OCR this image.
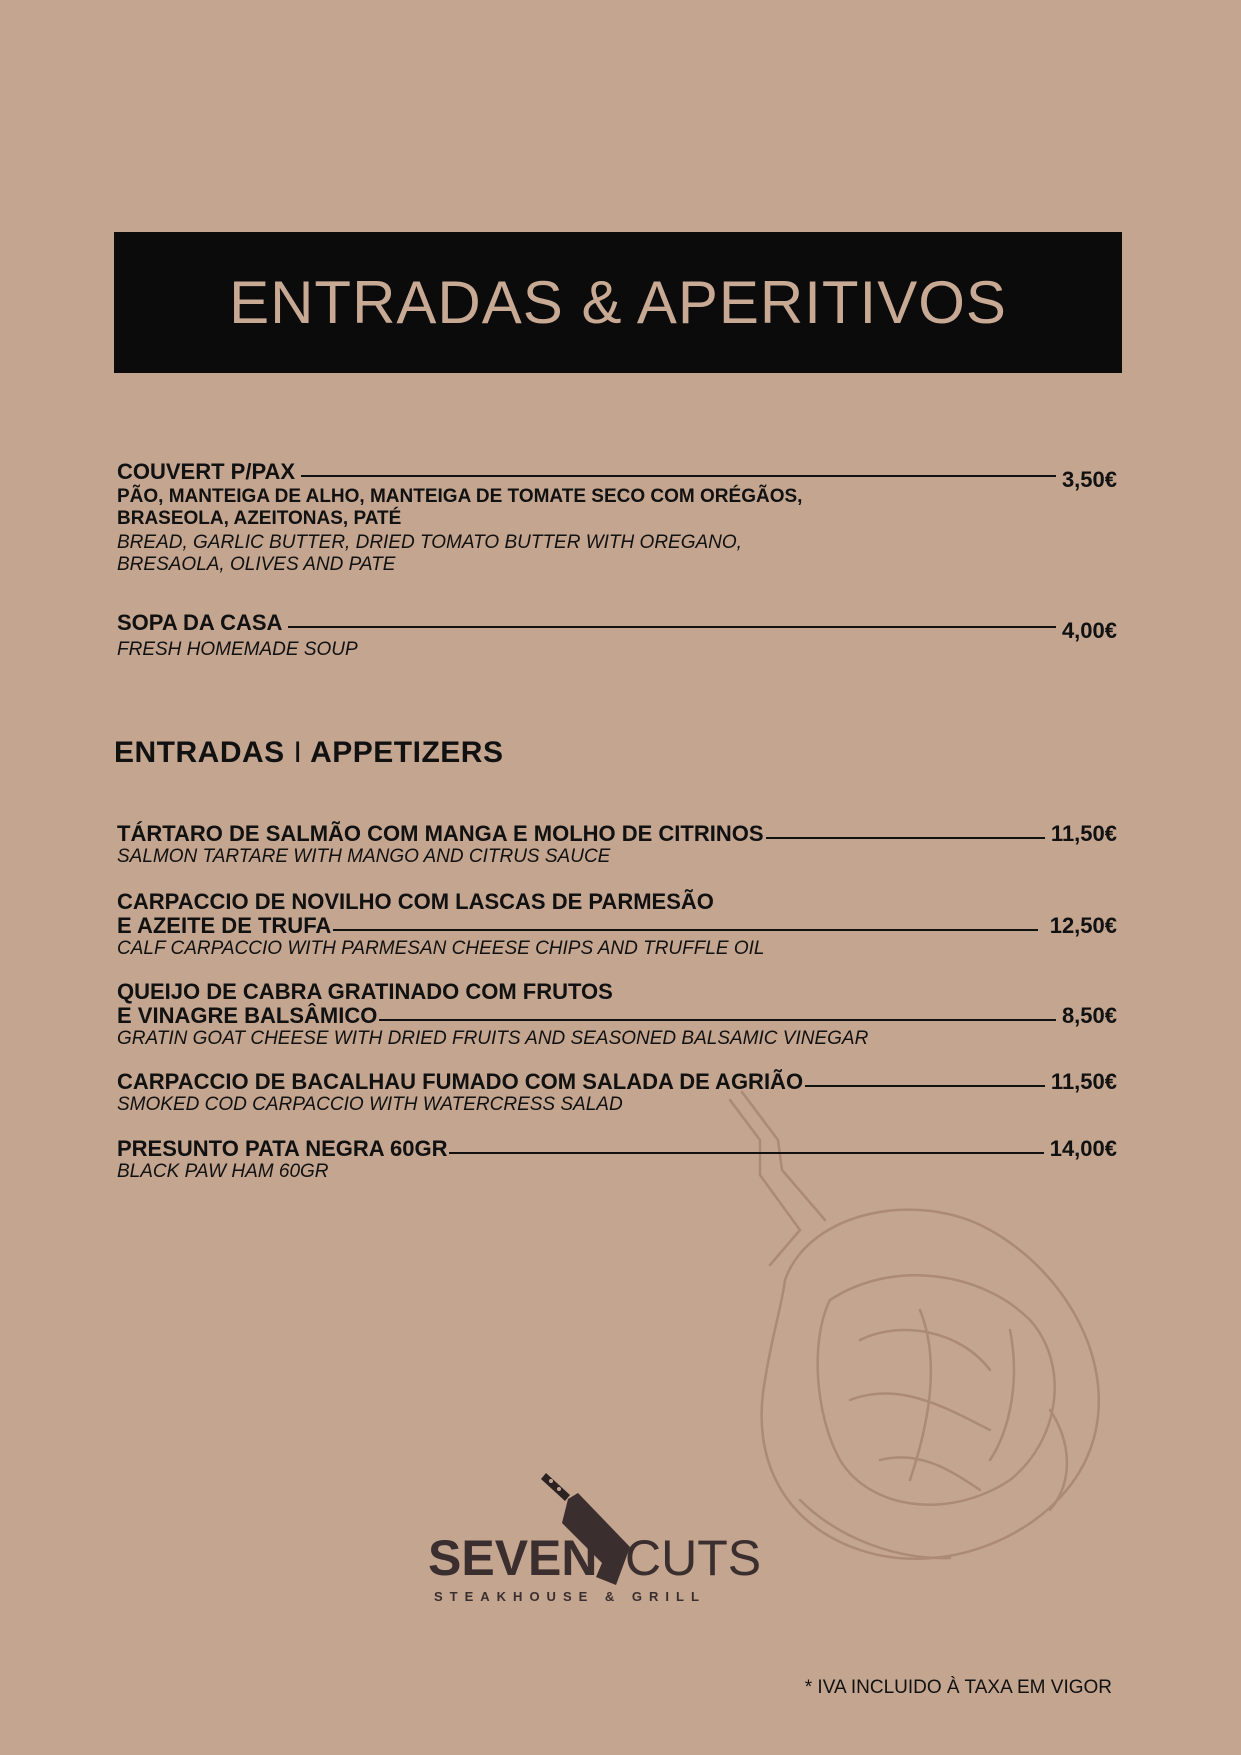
ENTRADAS & APERITIVOS
COUVERT P/PAX	3,50€
PÃO, MANTEIGA DE ALHO, MANTEIGA DE TOMATE SECO COM ORÉGÃOS,
BRASEOLA, AZEITONAS, PATÉ
BREAD, GARLIC BUTTER, DRIED TOMATO BUTTER WITH OREGANO,
BRESAOLA, OLIVES AND PATE
SOPA DA CASA	4,00€
FRESH HOMEMADE SOUP
ENTRADAS I APPETIZERS
TÁRTARO DE SALMÃO COM MANGA E MOLHO DE CITRINOS	11,50€
SALMON TARTARE WITH MANGO AND CITRUS SAUCE
CARPACCIO DE NOVILHO COM LASCAS DE PARMESÃO
E AZEITE DE TRUFA	12,50€
CALF CARPACCIO WITH PARMESAN CHEESE CHIPS AND TRUFFLE OIL
QUEIJO DE CABRA GRATINADO COM FRUTOS
E VINAGRE BALSÂMICO	8,50€
GRATIN GOAT CHEESE WITH DRIED FRUITS AND SEASONED BALSAMIC VINEGAR
CARPACCIO DE BACALHAU FUMADO COM SALADA DE AGRIÃO	11,50€
SMOKED COD CARPACCIO WITH WATERCRESS SALAD
PRESUNTO PATA NEGRA 60GR	14,00€
BLACK PAW HAM 60GR
SEVEN CUTS
STEAKHOUSE & GRILL
* IVA INCLUIDO À TAXA EM VIGOR
